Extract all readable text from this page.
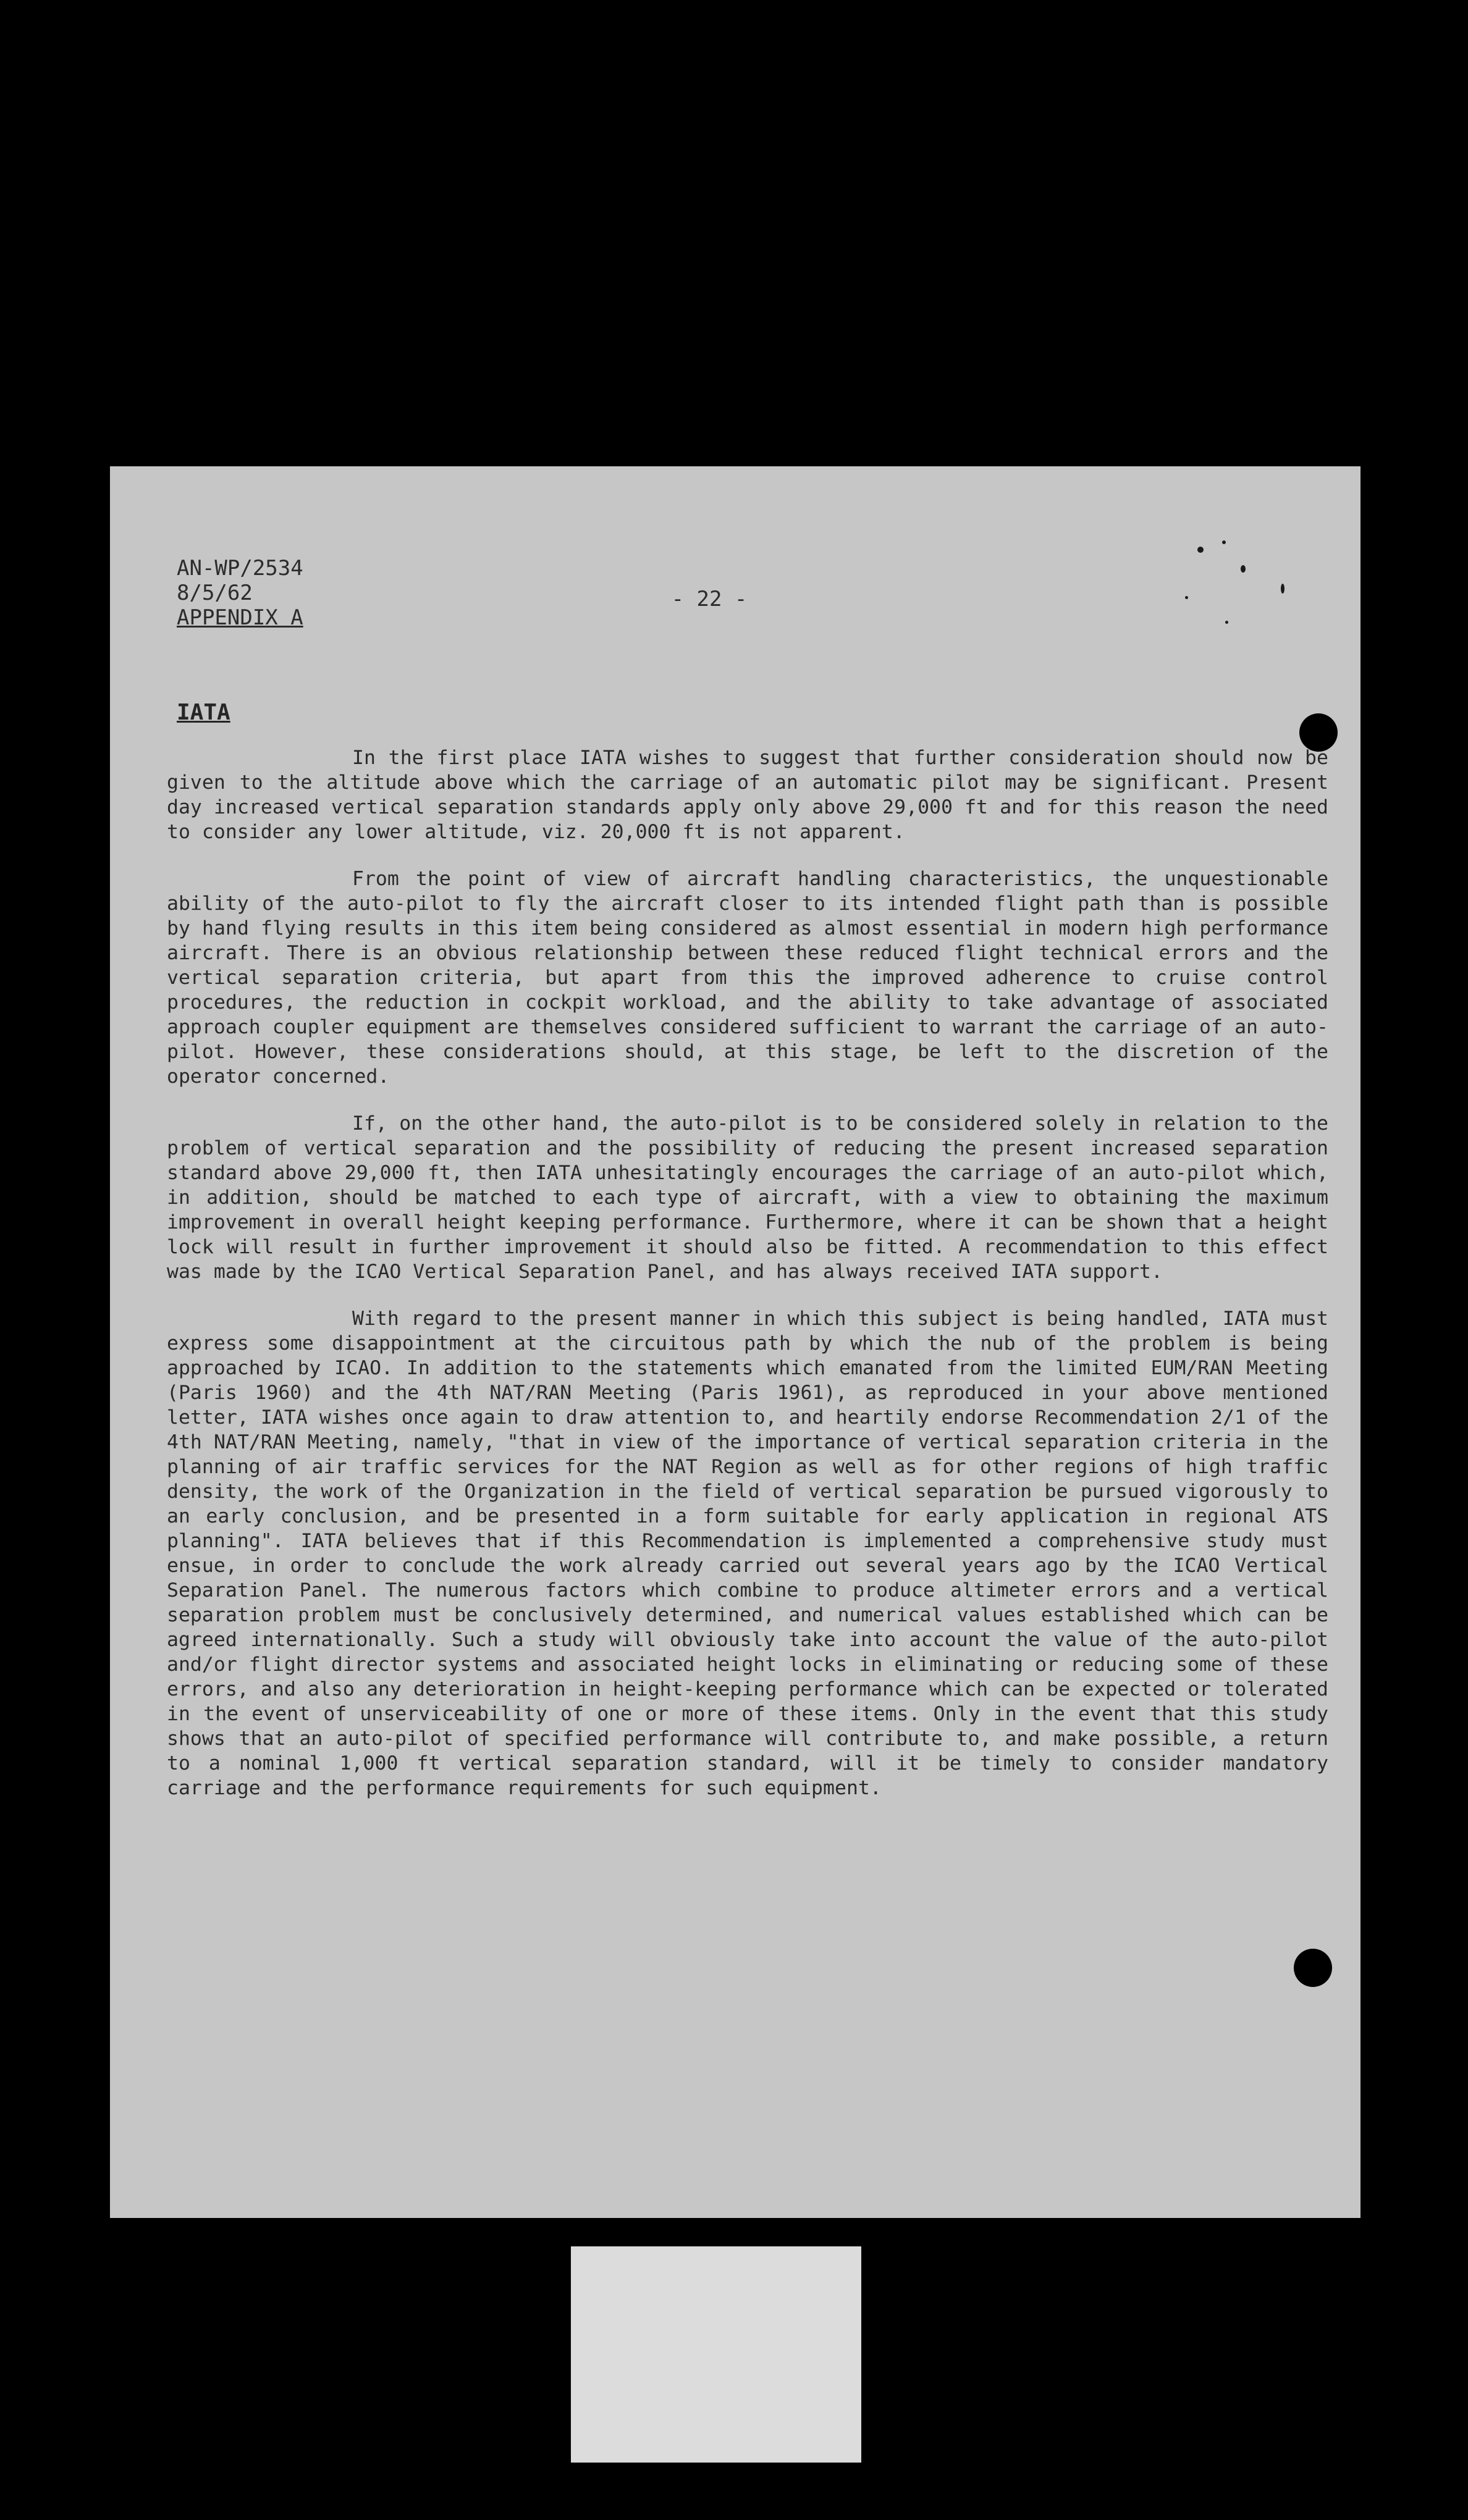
AN-WP/2534
8/5/62
APPENDIX A
- 22 -
IATA

In the first place IATA wishes to suggest that further consideration should now be given to the altitude above which the carriage of an automatic pilot may be significant. Present day increased vertical separation standards apply only above 29,000 ft and for this reason the need to consider any lower altitude, viz. 20,000 ft is not apparent.

From the point of view of aircraft handling characteristics, the unquestionable ability of the auto-pilot to fly the aircraft closer to its intended flight path than is possible by hand flying results in this item being considered as almost essential in modern high performance aircraft. There is an obvious relationship between these reduced flight technical errors and the vertical separation criteria, but apart from this the improved adherence to cruise control procedures, the reduction in cockpit workload, and the ability to take advantage of associated approach coupler equipment are themselves considered sufficient to warrant the carriage of an auto-pilot. However, these considerations should, at this stage, be left to the discretion of the operator concerned.

If, on the other hand, the auto-pilot is to be considered solely in relation to the problem of vertical separation and the possibility of reducing the present increased separation standard above 29,000 ft, then IATA unhesitatingly encourages the carriage of an auto-pilot which, in addition, should be matched to each type of aircraft, with a view to obtaining the maximum improvement in overall height keeping performance. Furthermore, where it can be shown that a height lock will result in further improvement it should also be fitted. A recommendation to this effect was made by the ICAO Vertical Separation Panel, and has always received IATA support.

With regard to the present manner in which this subject is being handled, IATA must express some disappointment at the circuitous path by which the nub of the problem is being approached by ICAO. In addition to the statements which emanated from the limited EUM/RAN Meeting (Paris 1960) and the 4th NAT/RAN Meeting (Paris 1961), as reproduced in your above mentioned letter, IATA wishes once again to draw attention to, and heartily endorse Recommendation 2/1 of the 4th NAT/RAN Meeting, namely, "that in view of the importance of vertical separation criteria in the planning of air traffic services for the NAT Region as well as for other regions of high traffic density, the work of the Organization in the field of vertical separation be pursued vigorously to an early conclusion, and be presented in a form suitable for early application in regional ATS planning". IATA believes that if this Recommendation is implemented a comprehensive study must ensue, in order to conclude the work already carried out several years ago by the ICAO Vertical Separation Panel. The numerous factors which combine to produce altimeter errors and a vertical separation problem must be conclusively determined, and numerical values established which can be agreed internationally. Such a study will obviously take into account the value of the auto-pilot and/or flight director systems and associated height locks in eliminating or reducing some of these errors, and also any deterioration in height-keeping performance which can be expected or tolerated in the event of unserviceability of one or more of these items. Only in the event that this study shows that an auto-pilot of specified performance will contribute to, and make possible, a return to a nominal 1,000 ft vertical separation standard, will it be timely to consider mandatory carriage and the performance requirements for such equipment.
